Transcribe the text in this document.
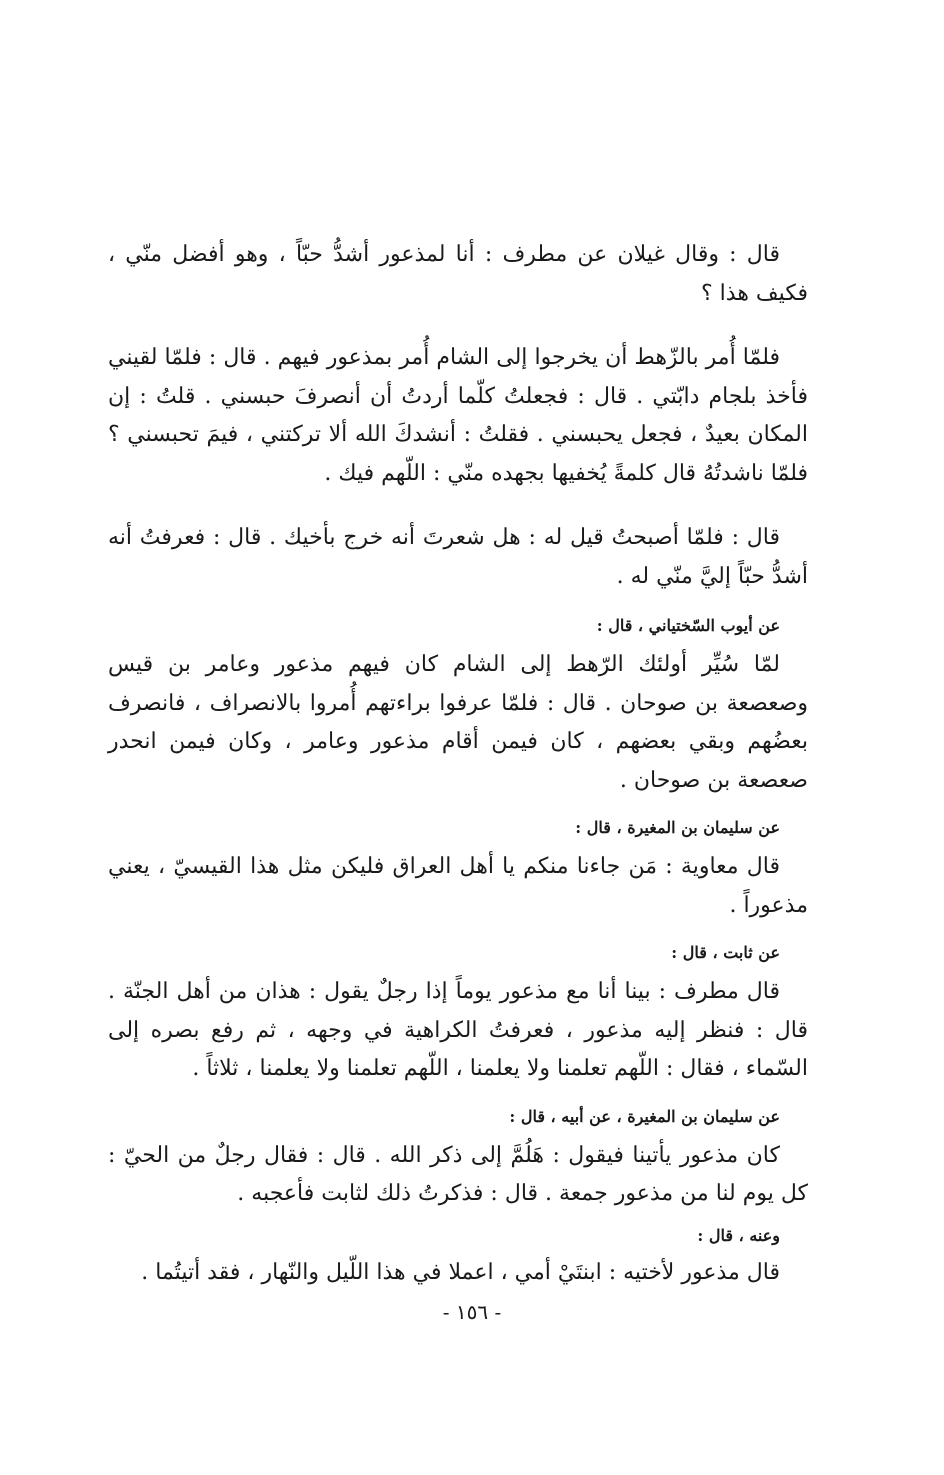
قال : وقال غيلان عن مطرف : أنا لمذعور أشدُّ حبّاً ، وهو أفضل منّي ، فكيف هذا ؟

فلمّا أُمر بالزّهط أن يخرجوا إلى الشام أُمر بمذعور فيهم . قال : فلمّا لقيني فأخذ بلجام دابّتي . قال : فجعلتُ كلّما أردتُ أن أنصرفَ حبسني . قلتُ : إن المكان بعيدٌ ، فجعل يحبسني . فقلتُ : أنشدكَ الله ألا تركتني ، فيمَ تحبسني ؟ فلمّا ناشدتُهُ قال كلمةً يُخفيها بجهده منّي : اللّهم فيك .

قال : فلمّا أصبحتُ قيل له : هل شعرتَ أنه خرج بأخيك . قال : فعرفتُ أنه أشدُّ حبّاً إليَّ منّي له .

عن أيوب السّختياني ، قال :

لمّا سُيِّر أولئك الرّهط إلى الشام كان فيهم مذعور وعامر بن قيس وصعصعة بن صوحان . قال : فلمّا عرفوا براءتهم أُمروا بالانصراف ، فانصرف بعضُهم وبقي بعضهم ، كان فيمن أقام مذعور وعامر ، وكان فيمن انحدر صعصعة بن صوحان .

عن سليمان بن المغيرة ، قال :

قال معاوية : مَن جاءنا منكم يا أهل العراق فليكن مثل هذا القيسيّ ، يعني مذعوراً .

عن ثابت ، قال :

قال مطرف : بينا أنا مع مذعور يوماً إذا رجلٌ يقول : هذان من أهل الجنّة . قال : فنظر إليه مذعور ، فعرفتُ الكراهية في وجهه ، ثم رفع بصره إلى السّماء ، فقال : اللّهم تعلمنا ولا يعلمنا ، اللّهم تعلمنا ولا يعلمنا ، ثلاثاً .

عن سليمان بن المغيرة ، عن أبيه ، قال :

كان مذعور يأتينا فيقول : هَلُمَّ إلى ذكر الله . قال : فقال رجلٌ من الحيّ : كل يوم لنا من مذعور جمعة . قال : فذكرتُ ذلك لثابت فأعجبه .

وعنه ، قال :

قال مذعور لأختيه : ابنتَيْ أمي ، اعملا في هذا اللّيل والنّهار ، فقد أتيتُما .

- ١٥٦ -
